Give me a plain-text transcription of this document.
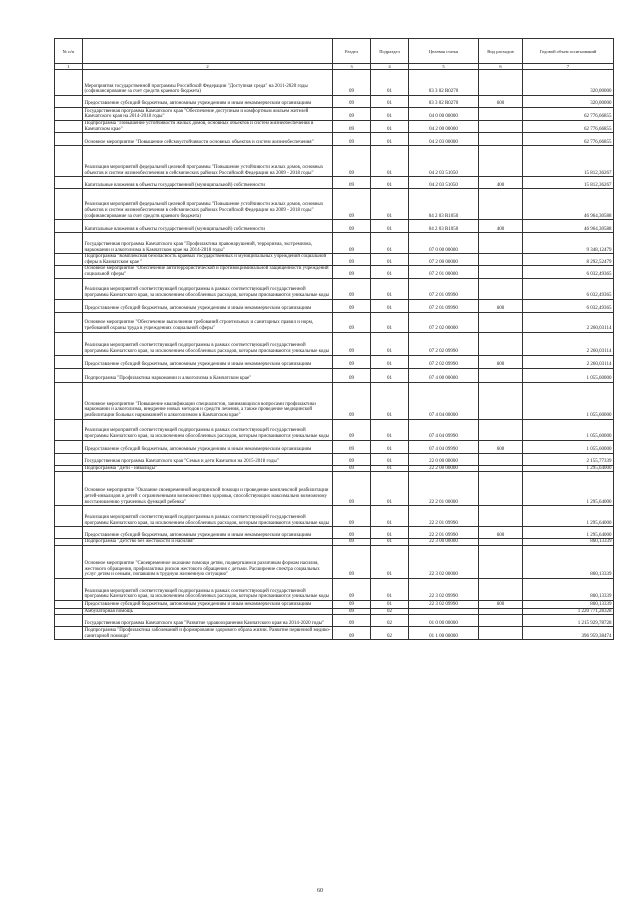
№ п/п		Раздел	Подраздел	Целевая статья	Вид расходов	Годовой объем ассигнований
1	2	3	4	5	6	7
	Мероприятия государственной программы Российской Федерации "Доступная среда" на 2011-2020 годы (софинансирование за счет средств краевого бюджета)	09	01	03 3 02 R0270		320,00000
	Предоставление субсидий бюджетным, автономным учреждениям и иным некоммерческим организациям	09	01	03 3 02 R0270	600	320,00000
	Государственная программа Камчатского края "Обеспечение доступным и комфортным жильем жителей Камчатского края на 2014-2018 годы"	09	01	04 0 00 00000		62 776,66855
	Подпрограмма "Повышение устойчивости жилых домов, основных объектов и систем жизнеобеспечения в Камчатском крае"	09	01	04 2 00 00000		62 776,66855
	Основное мероприятие "Повышение сейсмоустойчивости основных объектов и систем жизнеобеспечения"	09	01	04 2 03 00000		62 776,66855
	Реализация мероприятий федеральной целевой программы "Повышение устойчивости жилых домов, основных объектов и систем жизнеобеспечения в сейсмических районах Российской Федерации на 2009 - 2018 годы"	09	01	04 2 03 51050		15 812,36267
	Капитальные вложения в объекты государственной (муниципальной) собственности	09	01	04 2 03 51050	400	15 812,36267
	Реализация мероприятий федеральной целевой программы "Повышение устойчивости жилых домов, основных объектов и систем жизнеобеспечения в сейсмических районах Российской Федерации на 2009 - 2018 годы" (софинансирование за счет средств краевого бюджета)	09	01	04 2 03 R1050		46 964,30588
	Капитальные вложения в объекты государственной (муниципальной) собственности	09	01	04 2 03 R1050	400	46 964,30588
	Государственная программа Камчатского края "Профилактика правонарушений, терроризма, экстремизма, наркомании и алкоголизма в Камчатском крае на 2014-2018 годы"	09	01	07 0 00 00000		9 348,12479
	Подпрограмма "Комплексная безопасность краевых государственных и муниципальных учреждений социальной сферы в Камчатском крае "	09	01	07 2 00 00000		8 292,52479
	Основное мероприятие "Обеспечение антитеррористической и противокриминальной защищенности учреждений социальной сферы"	09	01	07 2 01 00000		6 032,49365
	Реализация мероприятий соответствующей подпрограммы в рамках соответствующей государственной программы Камчатского края, за исключением обособленных расходов, которым присваиваются уникальные коды	09	01	07 2 01 09990		6 032,49365
	Предоставление субсидий бюджетным, автономным учреждениям и иным некоммерческим организациям	09	01	07 2 01 09990	600	6 032,49365
	Основное мероприятие "Обеспечение выполнения требований строительных и санитарных правил и норм, требований охраны труда в учреждениях социальной сферы"	09	01	07 2 02 00000		2 260,03114
	Реализация мероприятий соответствующей подпрограммы в рамках соответствующей государственной программы Камчатского края, за исключением обособленных расходов, которым присваиваются уникальные коды	09	01	07 2 02 09990		2 260,03114
	Предоставление субсидий бюджетным, автономным учреждениям и иным некоммерческим организациям	09	01	07 2 02 09990	600	2 260,03114
	Подпрограмма "Профилактика наркомании и алкоголизма в Камчатском крае"	09	01	07 4 00 00000		1 055,60000
	Основное мероприятие "Повышение квалификации специалистов, занимающихся вопросами профилактики наркомании и алкоголизма, внедрение новых методов и средств лечения, а также проведение медицинской реабилитации больных наркоманией и алкоголизмом в Камчатском крае"	09	01	07 4 04 00000		1 055,60000
	Реализация мероприятий соответствующей подпрограммы в рамках соответствующей государственной программы Камчатского края, за исключением обособленных расходов, которым присваиваются уникальные коды	09	01	07 4 04 09990		1 055,60000
	Предоставление субсидий бюджетным, автономным учреждениям и иным некоммерческим организациям	09	01	07 4 04 09990	600	1 055,60000
	Государственная программа Камчатского края "Семья и дети Камчатки на 2015-2018 годы"	09	01	22 0 00 00000		2 155,77339
	Подпрограмма "Дети - инвалиды"	09	01	22 2 00 00000		1 295,64000
	Основное мероприятие "Оказание своевременной медицинской помощи и проведение комплексной реабилитации детей-инвалидов и детей с ограниченными возможностями здоровья, способствующих максимально возможному восстановлению утраченных функций ребенка"	09	01	22 2 01 00000		1 295,64000
	Реализация мероприятий соответствующей подпрограммы в рамках соответствующей государственной программы Камчатского края, за исключением обособленных расходов, которым присваиваются уникальные коды	09	01	22 2 01 09990		1 295,64000
	Предоставление субсидий бюджетным, автономным учреждениям и иным некоммерческим организациям	09	01	22 2 01 09990	600	1 295,64000
	Подпрограмма "Детство без жестокости и насилия"	09	01	22 3 00 00000		860,13339
	Основное мероприятие "Своевременное оказание помощи детям, подвергшимся различным формам насилия, жестокого обращения, профилактика рисков жестокого обращения с детьми. Расширение спектра социальных услуг детям и семьям, попавшим в трудную жизненную ситуацию"	09	01	22 3 02 00000		860,13339
	Реализация мероприятий соответствующей подпрограммы в рамках соответствующей государственной программы Камчатского края, за исключением обособленных расходов, которым присваиваются уникальные коды	09	01	22 3 02 09990		860,13339
	Предоставление субсидий бюджетным, автономным учреждениям и иным некоммерческим организациям	09	01	22 3 02 09990	600	860,13339
	Амбулаторная помощь	09	02			1 220 771,28328
	Государственная программа Камчатского края "Развитие здравоохранения Камчатского края на 2014-2020 годы"	09	02	01 0 00 00000		1 215 929,78728
	Подпрограмма "Профилактика заболеваний и формирование здорового образа жизни. Развитие первичной медико-санитарной помощи"	09	02	01 1 00 00000		396 959,38474
60
